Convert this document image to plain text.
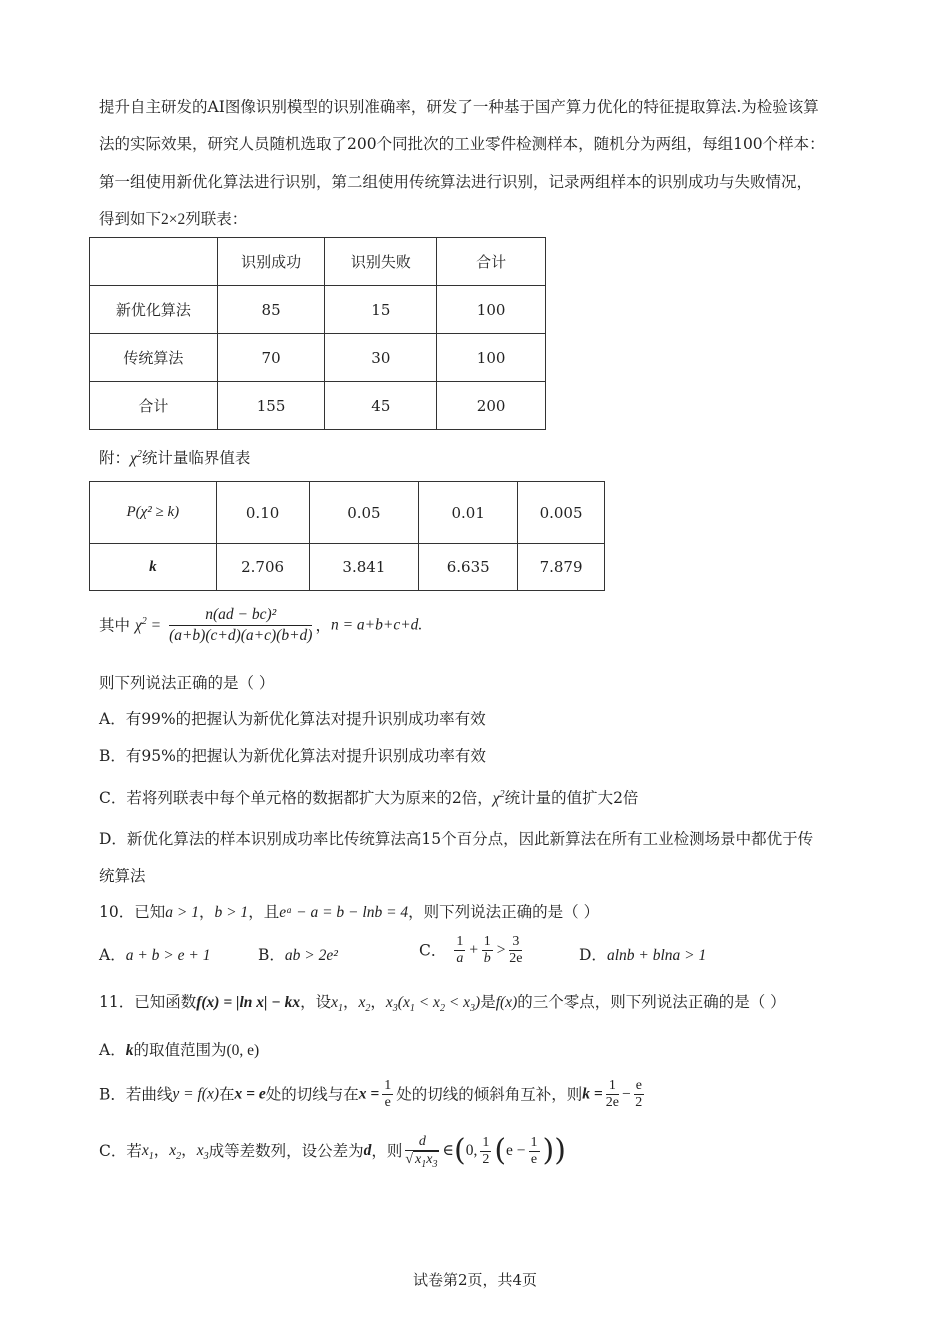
提升自主研发的AI图像识别模型的识别准确率，研发了一种基于国产算力优化的特征提取算法.为检验该算
法的实际效果，研究人员随机选取了200个同批次的工业零件检测样本，随机分为两组，每组100个样本：
第一组使用新优化算法进行识别，第二组使用传统算法进行识别，记录两组样本的识别成功与失败情况，
得到如下2×2列联表：
	识别成功	识别失败	合计
新优化算法	85	15	100
传统算法	70	30	100
合计	155	45	200
附：$\chi^2$统计量临界值表
P(χ² ≥ k)	0.10	0.05	0.01	0.005
k	2.706	3.841	6.635	7.879
其中 $\chi^2 = \frac{\text{n(ad − bc)²}}{(a+b)(c+d)(a+c)(b+d)}$ ，n = a+b+c+d.
则下列说法正确的是（ ）
A．有99%的把握认为新优化算法对提升识别成功率有效
B．有95%的把握认为新优化算法对提升识别成功率有效
C．若将列联表中每个单元格的数据都扩大为原来的2倍，$\chi^2$统计量的值扩大2倍
D．新优化算法的样本识别成功率比传统算法高15个百分点，因此新算法在所有工业检测场景中都优于传
统算法
10．已知a > 1，b > 1，且eᵃ − a = b − lnb = 4，则下列说法正确的是（ ）
A．a + b > e + 1	B．ab > 2e²	C． $\frac{1}{a} + \frac{1}{b} > \frac{3}{2e}$	D．alnb + blna > 1
11．已知函数f(x) = |ln x| − kx，设$x_1$，$x_2$，$x_3(x_1 < x_2 < x_3)$是f(x)的三个零点，则下列说法正确的是（ ）
A．k的取值范围为(0, e)
B．若曲线y = f(x)在x = e处的切线与在$x = \frac{1}{e}$ 处的切线的倾斜角互补，则$k = \frac{1}{2e} - \frac{e}{2}$
C．若$x_1$，$x_2$，$x_3$成等差数列，设公差为d，则 $\frac{d}{√ x_1x_3}$ ∈(0, $\frac{1}{2} (e - \frac{1}{e}$ ))
试卷第2页，共4页
